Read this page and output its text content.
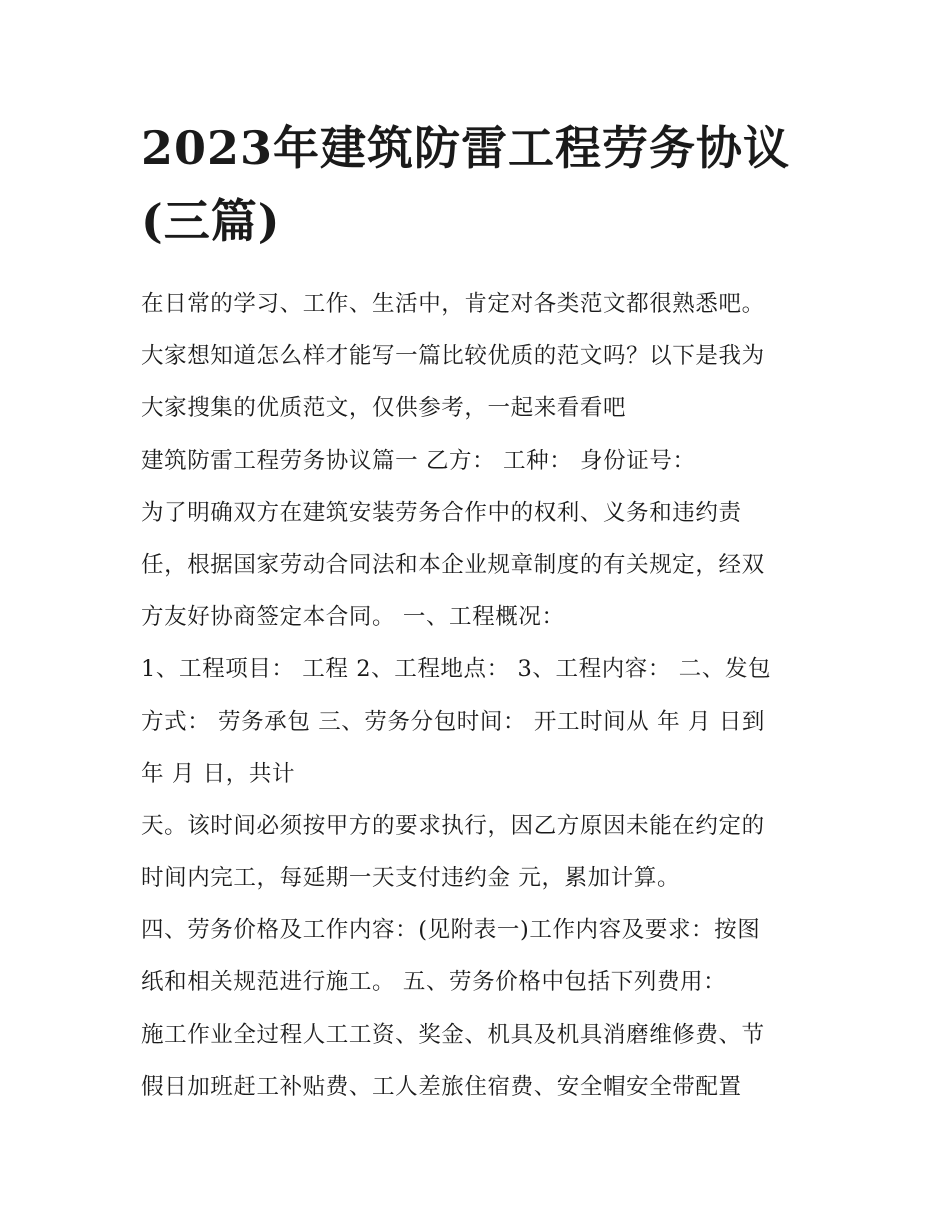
2023年建筑防雷工程劳务协议
(三篇)
在日常的学习、工作、生活中，肯定对各类范文都很熟悉吧。
大家想知道怎么样才能写一篇比较优质的范文吗？以下是我为
大家搜集的优质范文，仅供参考，一起来看看吧
建筑防雷工程劳务协议篇一 乙方： 工种： 身份证号：
为了明确双方在建筑安装劳务合作中的权利、义务和违约责
任，根据国家劳动合同法和本企业规章制度的有关规定，经双
方友好协商签定本合同。 一、工程概况：
1、工程项目： 工程 2、工程地点： 3、工程内容： 二、发包
方式： 劳务承包 三、劳务分包时间： 开工时间从 年 月 日到
年 月 日，共计
天。该时间必须按甲方的要求执行，因乙方原因未能在约定的
时间内完工，每延期一天支付违约金 元，累加计算。
四、劳务价格及工作内容：(见附表一)工作内容及要求：按图
纸和相关规范进行施工。 五、劳务价格中包括下列费用：
施工作业全过程人工工资、奖金、机具及机具消磨维修费、节
假日加班赶工补贴费、工人差旅住宿费、安全帽安全带配置
